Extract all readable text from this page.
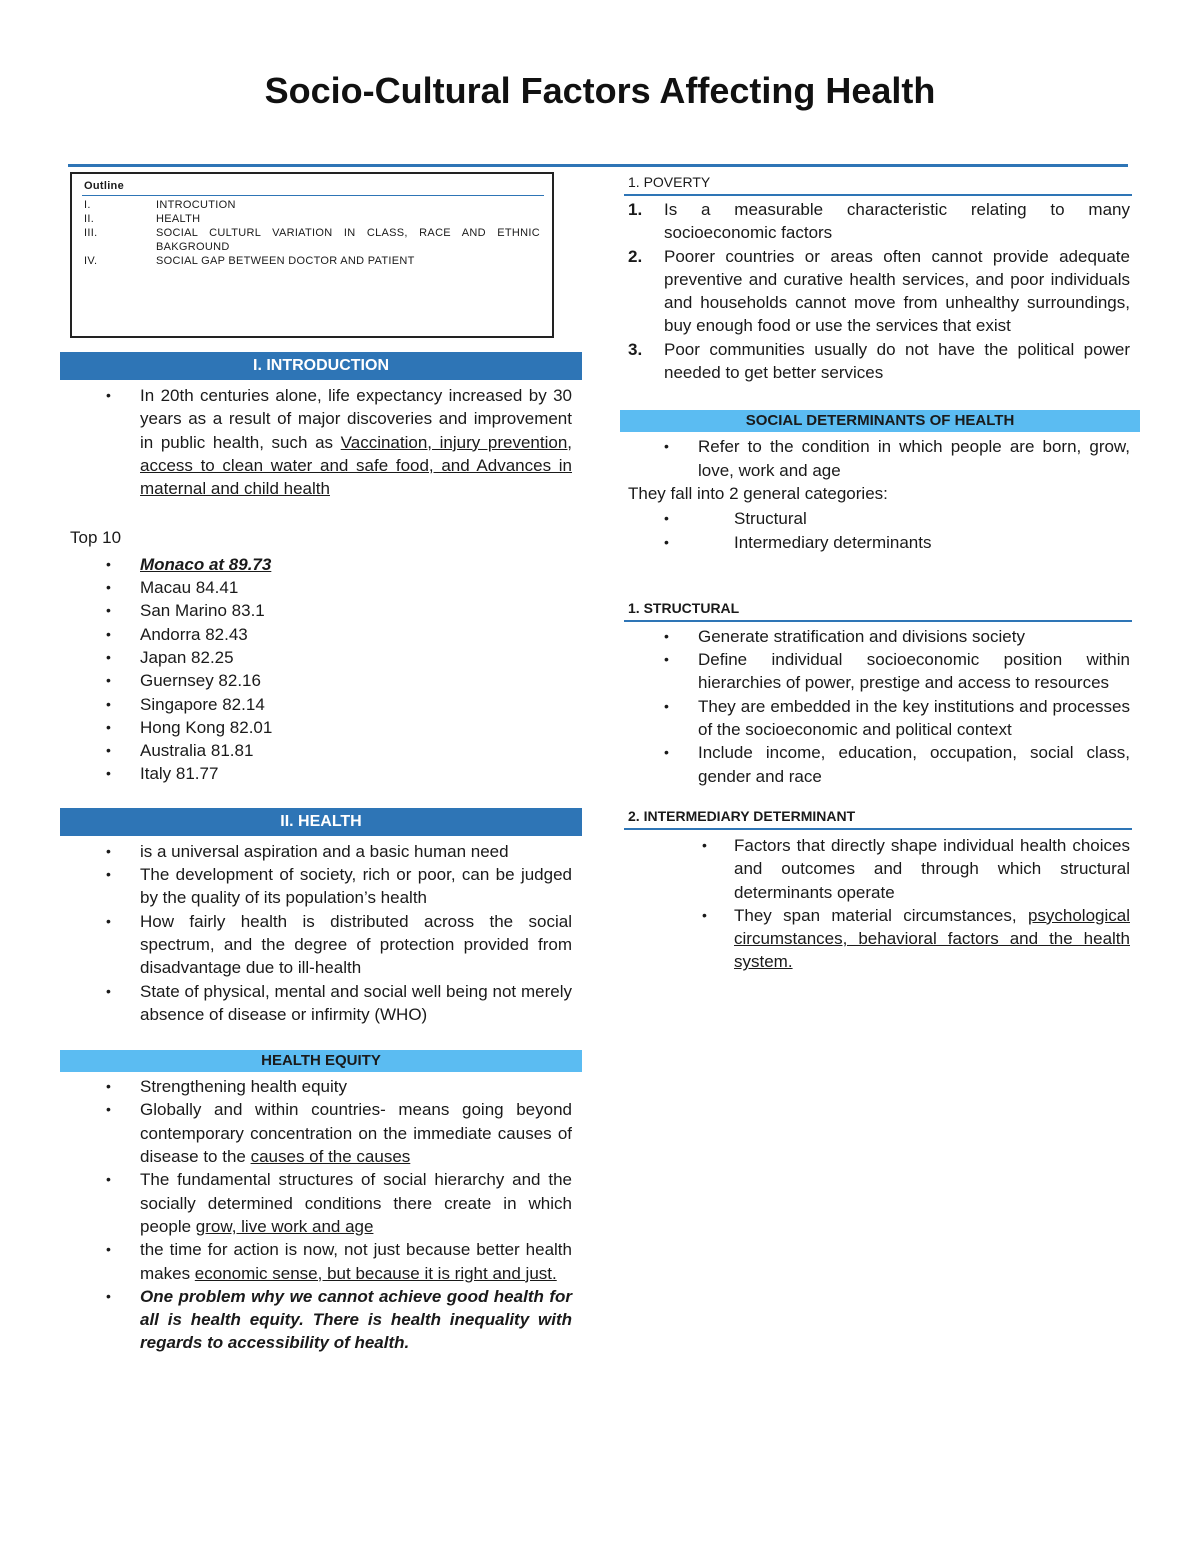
Socio-Cultural Factors Affecting Health
Outline
I.	INTROCUTION
II.	HEALTH
III.	SOCIAL CULTURL VARIATION IN CLASS, RACE AND ETHNIC BAKGROUND
IV.	SOCIAL GAP BETWEEN DOCTOR AND PATIENT
I. INTRODUCTION
• In 20th centuries alone, life expectancy increased by 30 years as a result of major discoveries and improvement in public health, such as Vaccination, injury prevention, access to clean water and safe food, and Advances in maternal and child health
Top 10
• Monaco at 89.73
• Macau 84.41
• San Marino 83.1
• Andorra 82.43
• Japan 82.25
• Guernsey 82.16
• Singapore 82.14
• Hong Kong 82.01
• Australia 81.81
• Italy 81.77
II. HEALTH
• is a universal aspiration and a basic human need
• The development of society, rich or poor, can be judged by the quality of its population’s health
• How fairly health is distributed across the social spectrum, and the degree of protection provided from disadvantage due to ill-health
• State of physical, mental and social well being not merely absence of disease or infirmity (WHO)
HEALTH EQUITY
• Strengthening health equity
• Globally and within countries- means going beyond contemporary concentration on the immediate causes of disease to the causes of the causes
• The fundamental structures of social hierarchy and the socially determined conditions there create in which people grow, live work and age
• the time for action is now, not just because better health makes economic sense, but because it is right and just.
• One problem why we cannot achieve good health for all is health equity. There is health inequality with regards to accessibility of health.
1. POVERTY
1. Is a measurable characteristic relating to many socioeconomic factors
2. Poorer countries or areas often cannot provide adequate preventive and curative health services, and poor individuals and households cannot move from unhealthy surroundings, buy enough food or use the services that exist
3. Poor communities usually do not have the political power needed to get better services
SOCIAL DETERMINANTS OF HEALTH
• Refer to the condition in which people are born, grow, love, work and age
They fall into 2 general categories:
• Structural
• Intermediary determinants
1. STRUCTURAL
• Generate stratification and divisions society
• Define individual socioeconomic position within hierarchies of power, prestige and access to resources
• They are embedded in the key institutions and processes of the socioeconomic and political context
• Include income, education, occupation, social class, gender and race
2. INTERMEDIARY DETERMINANT
• Factors that directly shape individual health choices and outcomes and through which structural determinants operate
• They span material circumstances, psychological circumstances, behavioral factors and the health system.
